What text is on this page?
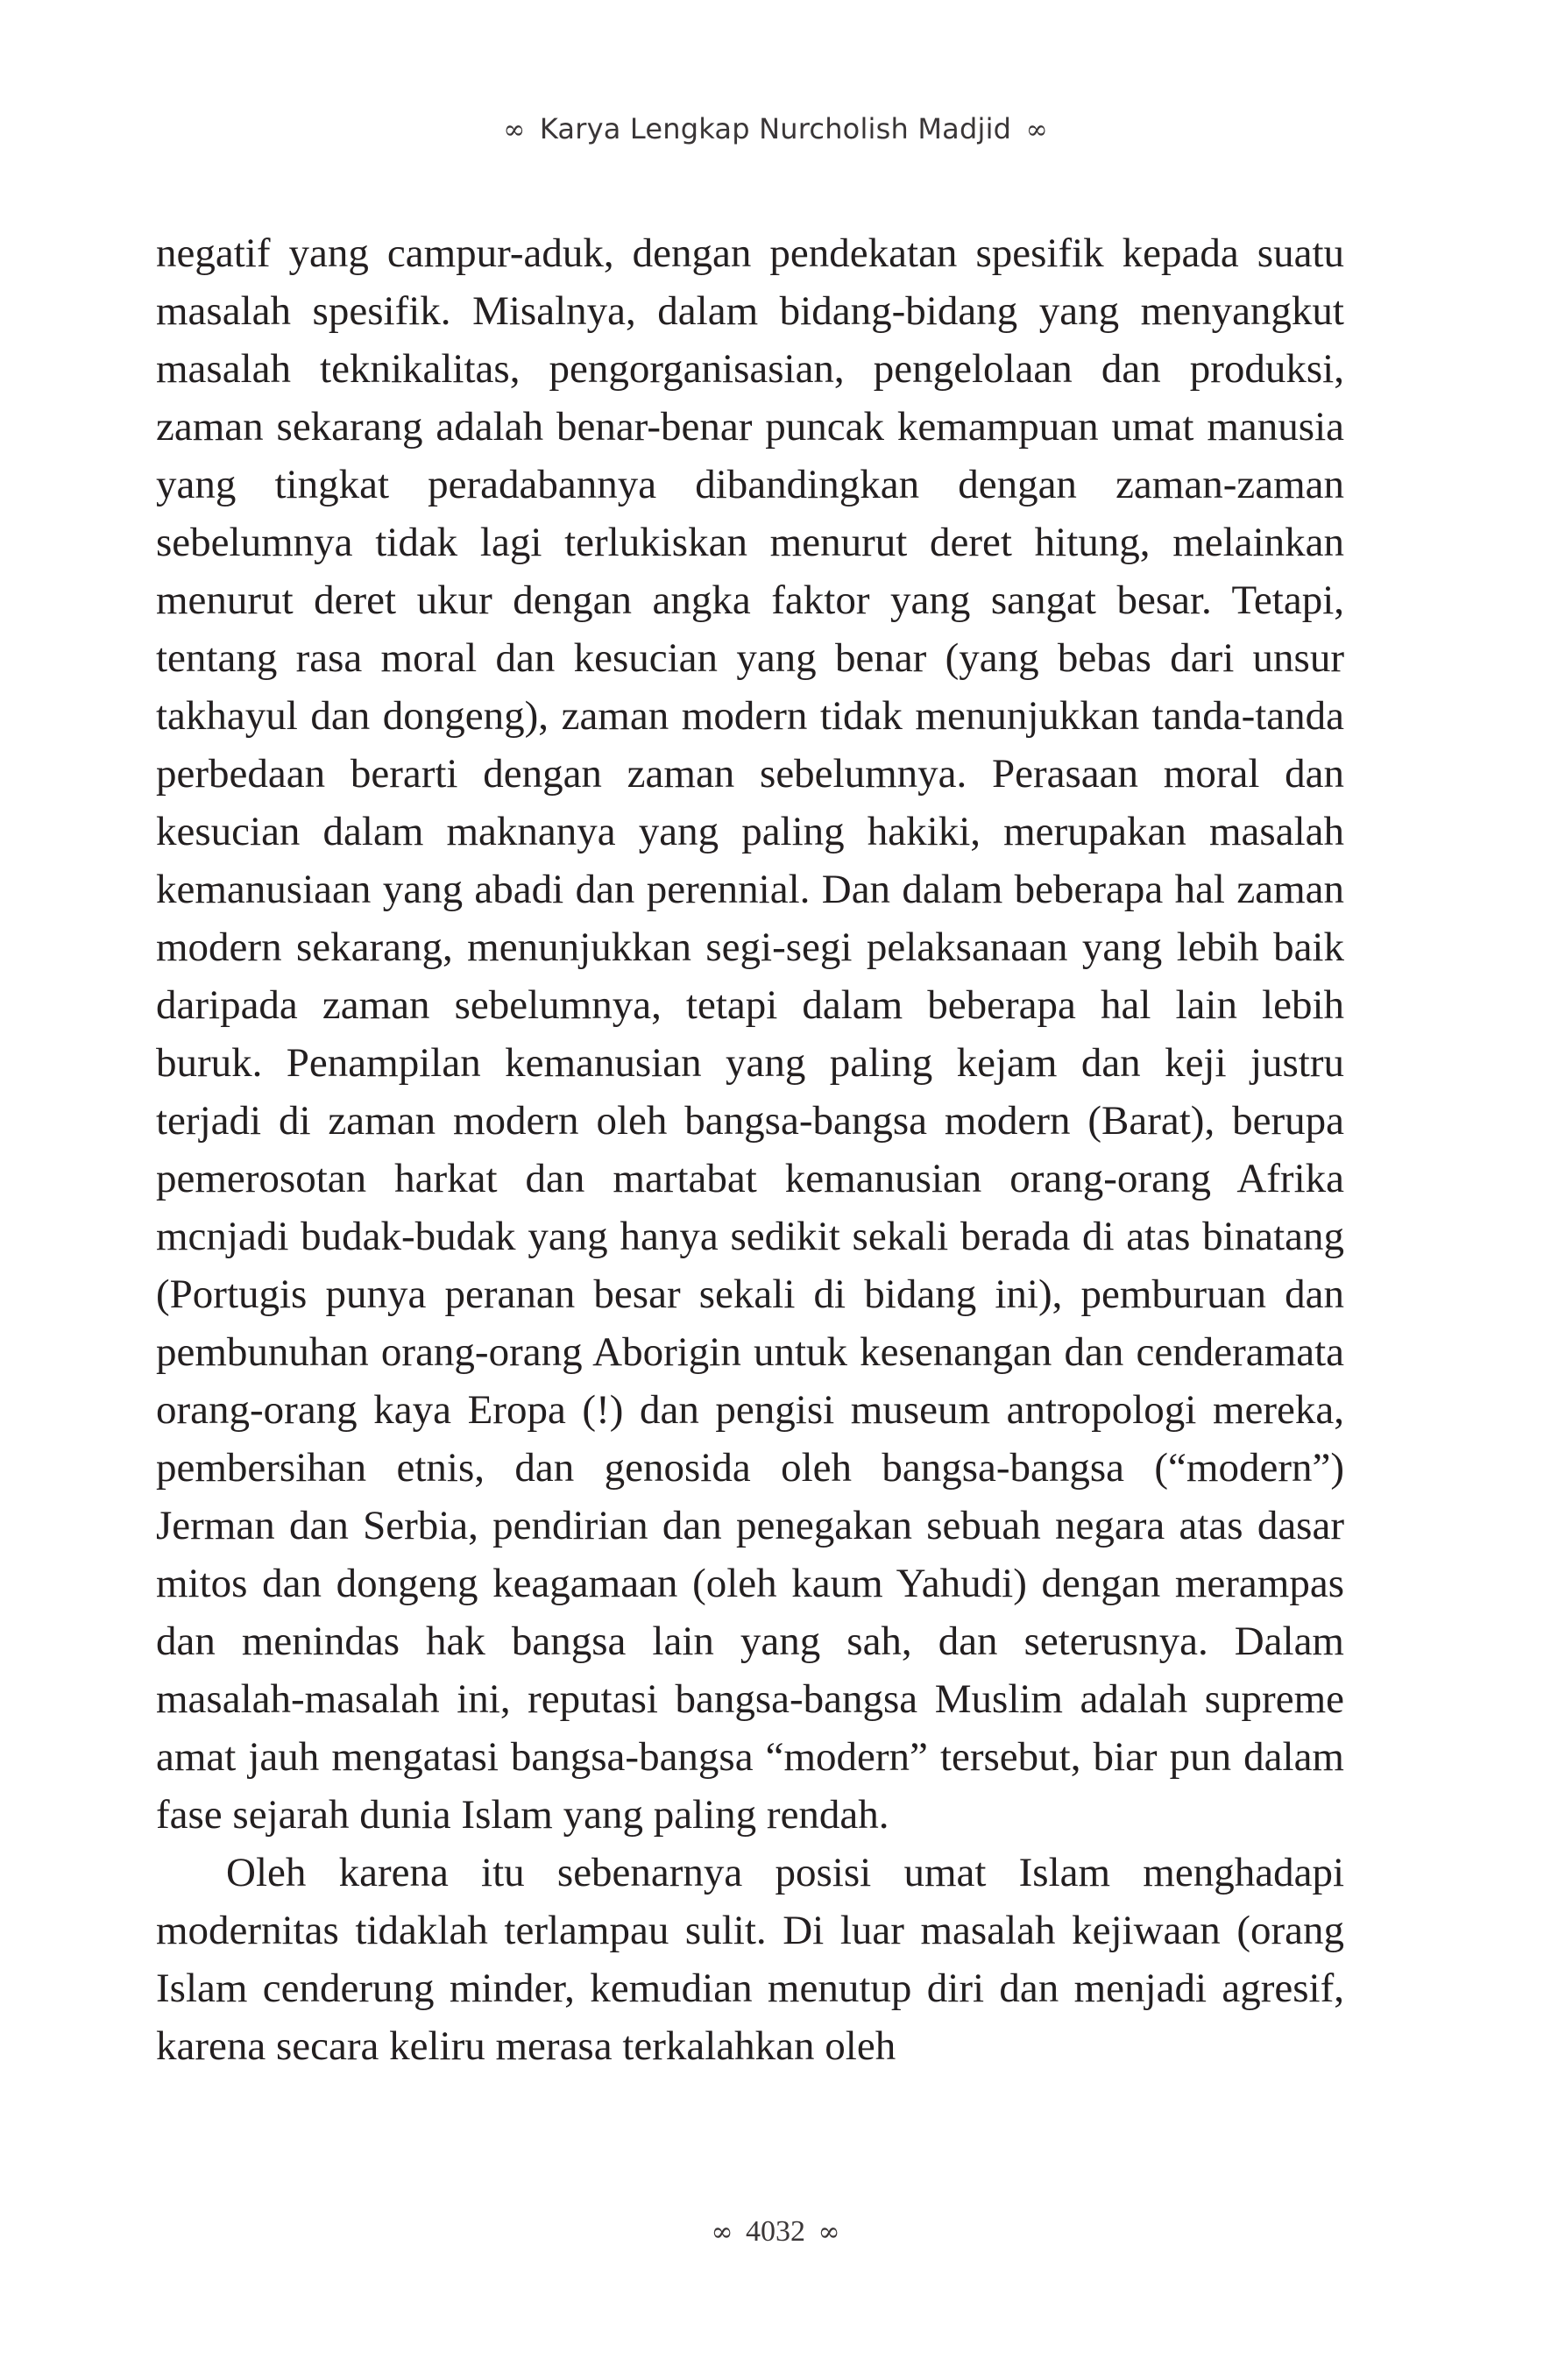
∞ Karya Lengkap Nurcholish Madjid ∞

negatif yang campur-aduk, dengan pendekatan spesifik kepada suatu masalah spesifik. Misalnya, dalam bidang-bidang yang menyangkut masalah teknikalitas, pengorganisasian, pengelolaan dan produksi, zaman sekarang adalah benar-benar puncak kemampuan umat manusia yang tingkat peradabannya dibandingkan dengan zaman-zaman sebelumnya tidak lagi terlukiskan menurut deret hitung, melainkan menurut deret ukur dengan angka faktor yang sangat besar. Tetapi, tentang rasa moral dan kesucian yang benar (yang bebas dari unsur takhayul dan dongeng), zaman modern tidak menunjukkan tanda-tanda perbedaan berarti dengan zaman sebelumnya. Perasaan moral dan kesucian dalam maknanya yang paling hakiki, merupakan masalah kemanusiaan yang abadi dan perennial. Dan dalam beberapa hal zaman modern sekarang, menunjukkan segi-segi pelaksanaan yang lebih baik daripada zaman sebelumnya, tetapi dalam beberapa hal lain lebih buruk. Penampilan kemanusian yang paling kejam dan keji justru terjadi di zaman modern oleh bangsa-bangsa modern (Barat), berupa pemerosotan harkat dan martabat kemanusian orang-orang Afrika mcnjadi budak-budak yang hanya sedikit sekali berada di atas binatang (Portugis punya peranan besar sekali di bidang ini), pemburuan dan pembunuhan orang-orang Aborigin untuk kesenangan dan cenderamata orang-orang kaya Eropa (!) dan pengisi museum antropologi mereka, pembersihan etnis, dan genosida oleh bangsa-bangsa (“modern”) Jerman dan Serbia, pendirian dan penegakan sebuah negara atas dasar mitos dan dongeng keagamaan (oleh kaum Yahudi) dengan merampas dan menindas hak bangsa lain yang sah, dan seterusnya. Dalam masalah-masalah ini, reputasi bangsa-bangsa Muslim adalah supreme amat jauh mengatasi bangsa-bangsa “modern” tersebut, biar pun dalam fase sejarah dunia Islam yang paling rendah.

Oleh karena itu sebenarnya posisi umat Islam menghadapi modernitas tidaklah terlampau sulit. Di luar masalah kejiwaan (orang Islam cenderung minder, kemudian menutup diri dan menjadi agresif, karena secara keliru merasa terkalahkan oleh

∞ 4032 ∞
